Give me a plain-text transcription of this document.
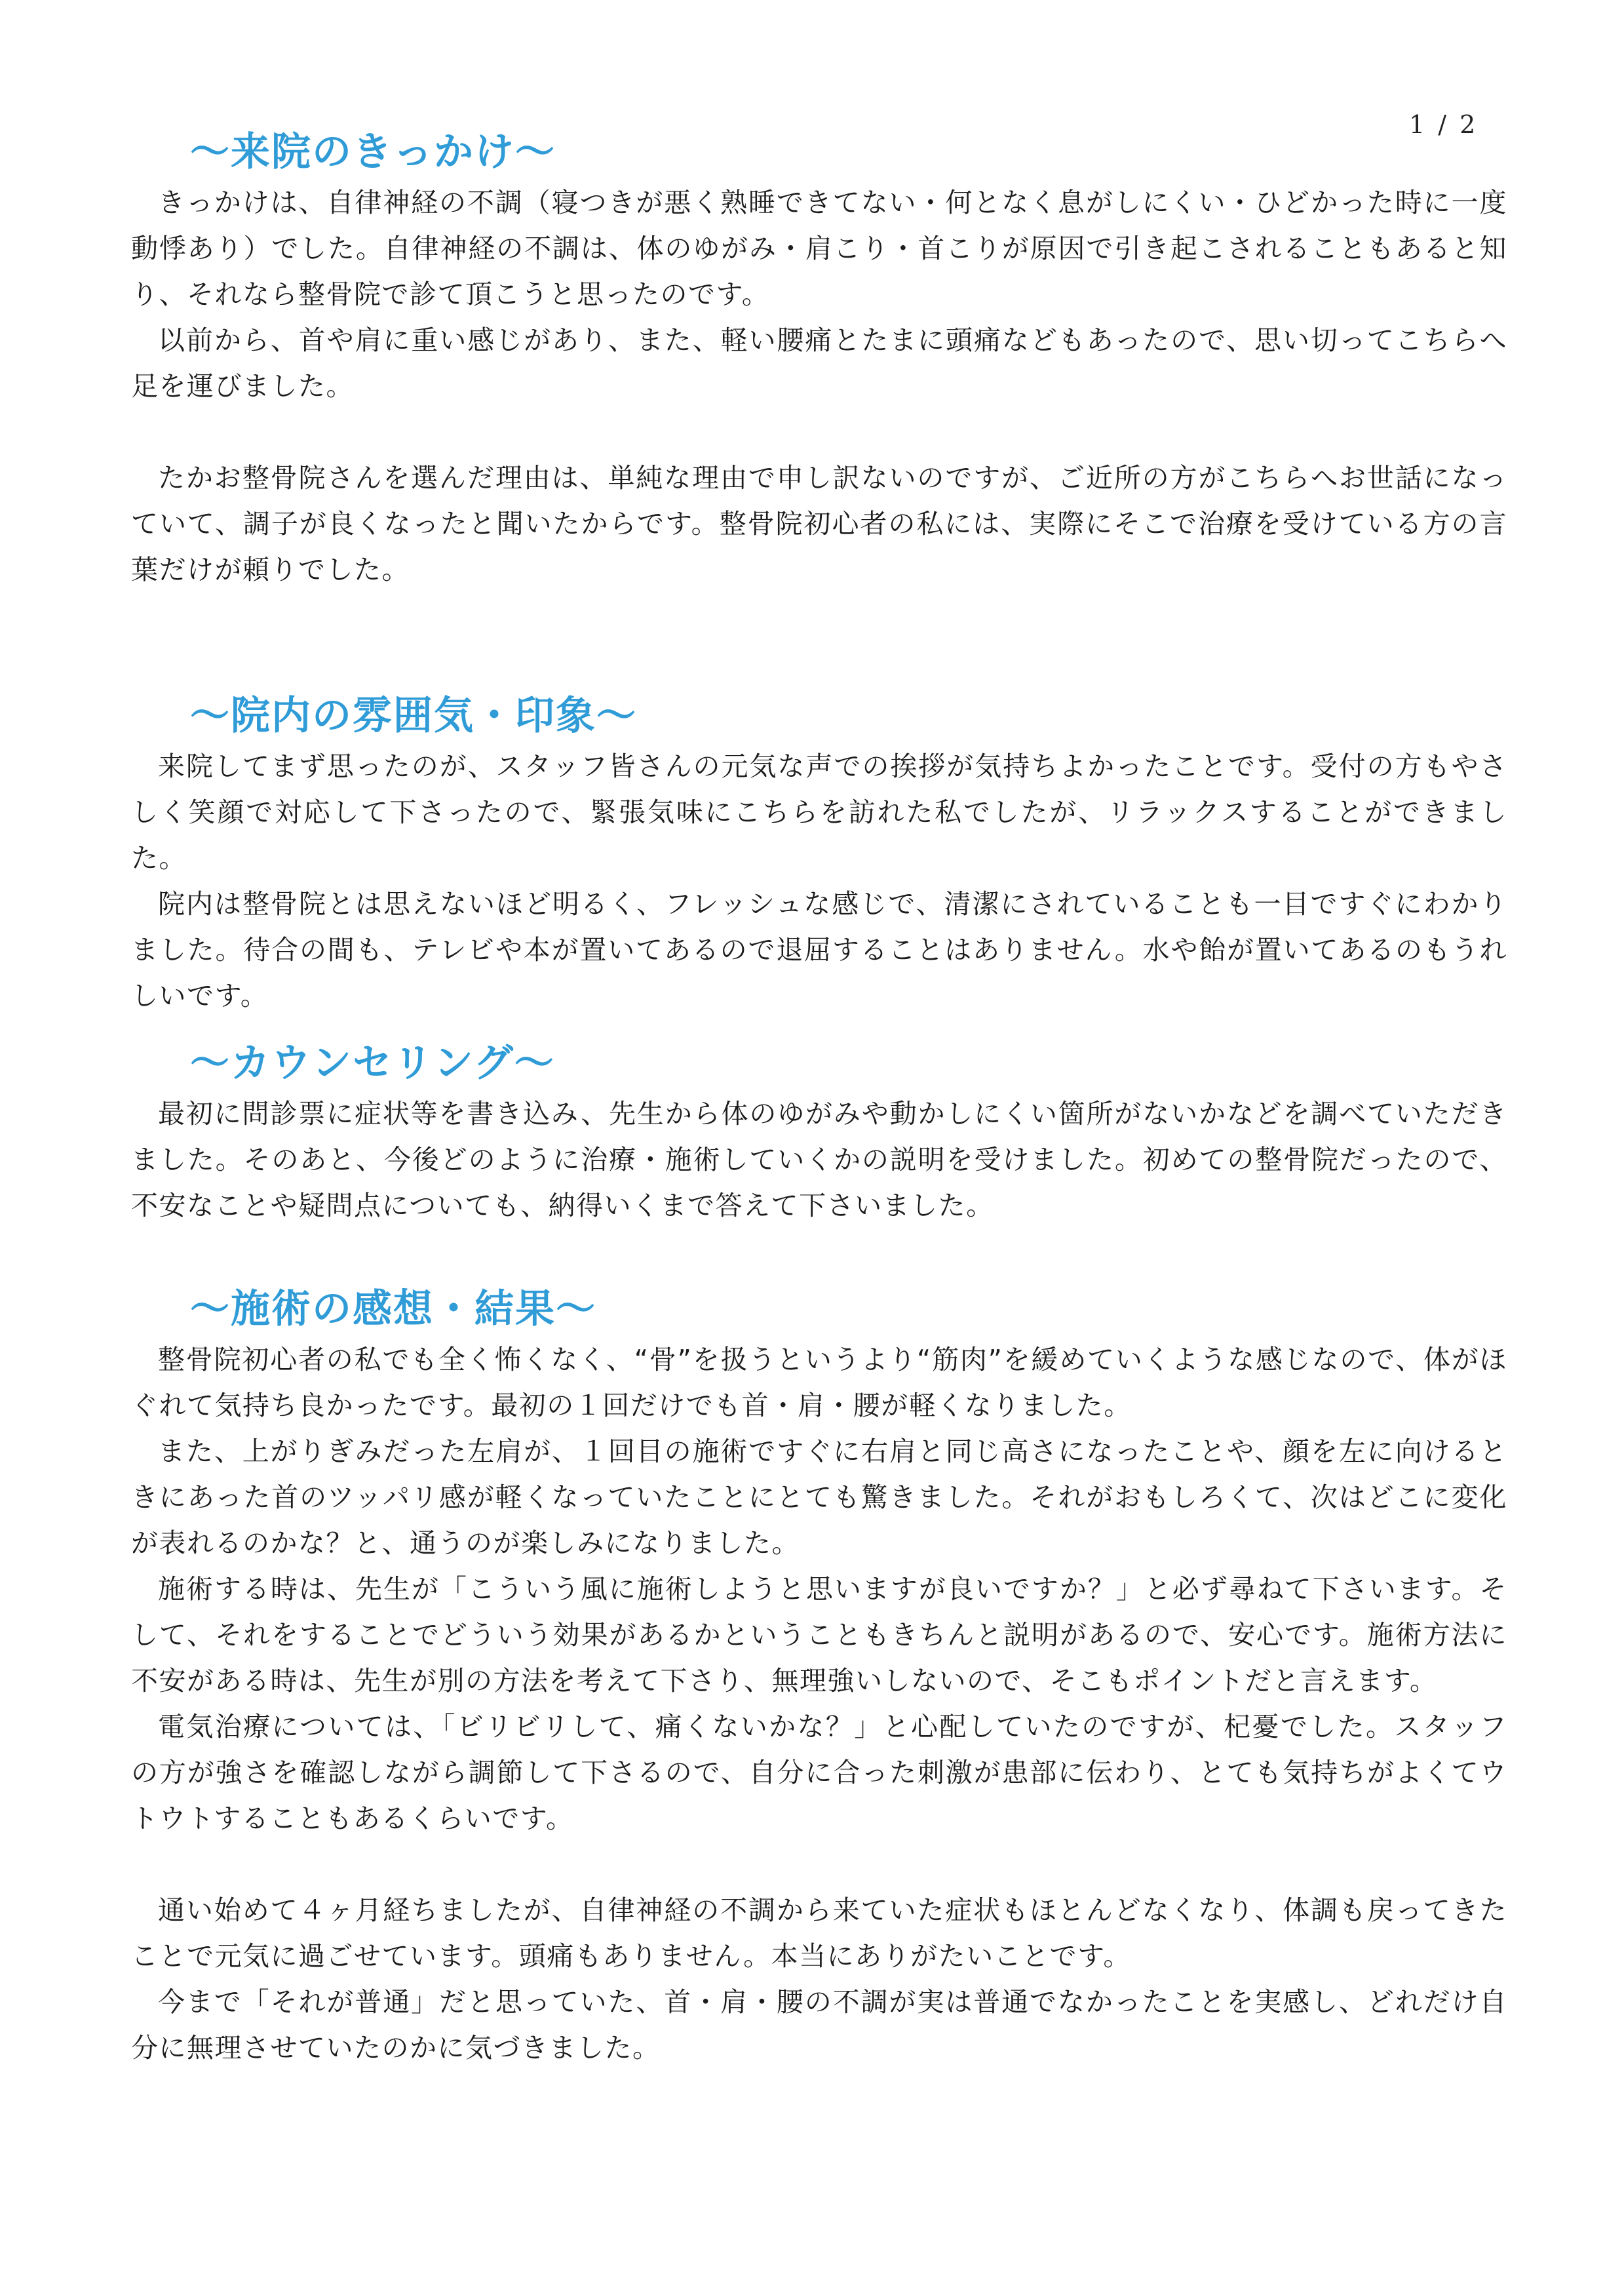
1 / 2
～来院のきっかけ～

きっかけは、自律神経の不調（寝つきが悪く熟睡できてない・何となく息がしにくい・ひどかった時に一度動悸あり）でした。自律神経の不調は、体のゆがみ・肩こり・首こりが原因で引き起こされることもあると知り、それなら整骨院で診て頂こうと思ったのです。

以前から、首や肩に重い感じがあり、また、軽い腰痛とたまに頭痛などもあったので、思い切ってこちらへ足を運びました。

たかお整骨院さんを選んだ理由は、単純な理由で申し訳ないのですが、ご近所の方がこちらへお世話になっていて、調子が良くなったと聞いたからです。整骨院初心者の私には、実際にそこで治療を受けている方の言葉だけが頼りでした。

～院内の雰囲気・印象～

来院してまず思ったのが、スタッフ皆さんの元気な声での挨拶が気持ちよかったことです。受付の方もやさしく笑顔で対応して下さったので、緊張気味にこちらを訪れた私でしたが、リラックスすることができました。

院内は整骨院とは思えないほど明るく、フレッシュな感じで、清潔にされていることも一目ですぐにわかりました。待合の間も、テレビや本が置いてあるので退屈することはありません。水や飴が置いてあるのもうれしいです。

～カウンセリング～

最初に問診票に症状等を書き込み、先生から体のゆがみや動かしにくい箇所がないかなどを調べていただきました。そのあと、今後どのように治療・施術していくかの説明を受けました。初めての整骨院だったので、不安なことや疑問点についても、納得いくまで答えて下さいました。

～施術の感想・結果～

整骨院初心者の私でも全く怖くなく、“骨”を扱うというより“筋肉”を緩めていくような感じなので、体がほぐれて気持ち良かったです。最初の１回だけでも首・肩・腰が軽くなりました。

また、上がりぎみだった左肩が、１回目の施術ですぐに右肩と同じ高さになったことや、顔を左に向けるときにあった首のツッパリ感が軽くなっていたことにとても驚きました。それがおもしろくて、次はどこに変化が表れるのかな？と、通うのが楽しみになりました。

施術する時は、先生が「こういう風に施術しようと思いますが良いですか？」と必ず尋ねて下さいます。そして、それをすることでどういう効果があるかということもきちんと説明があるので、安心です。施術方法に不安がある時は、先生が別の方法を考えて下さり、無理強いしないので、そこもポイントだと言えます。

電気治療については、「ビリビリして、痛くないかな？」と心配していたのですが、杞憂でした。スタッフの方が強さを確認しながら調節して下さるので、自分に合った刺激が患部に伝わり、とても気持ちがよくてウトウトすることもあるくらいです。

通い始めて４ヶ月経ちましたが、自律神経の不調から来ていた症状もほとんどなくなり、体調も戻ってきたことで元気に過ごせています。頭痛もありません。本当にありがたいことです。

今まで「それが普通」だと思っていた、首・肩・腰の不調が実は普通でなかったことを実感し、どれだけ自分に無理させていたのかに気づきました。
